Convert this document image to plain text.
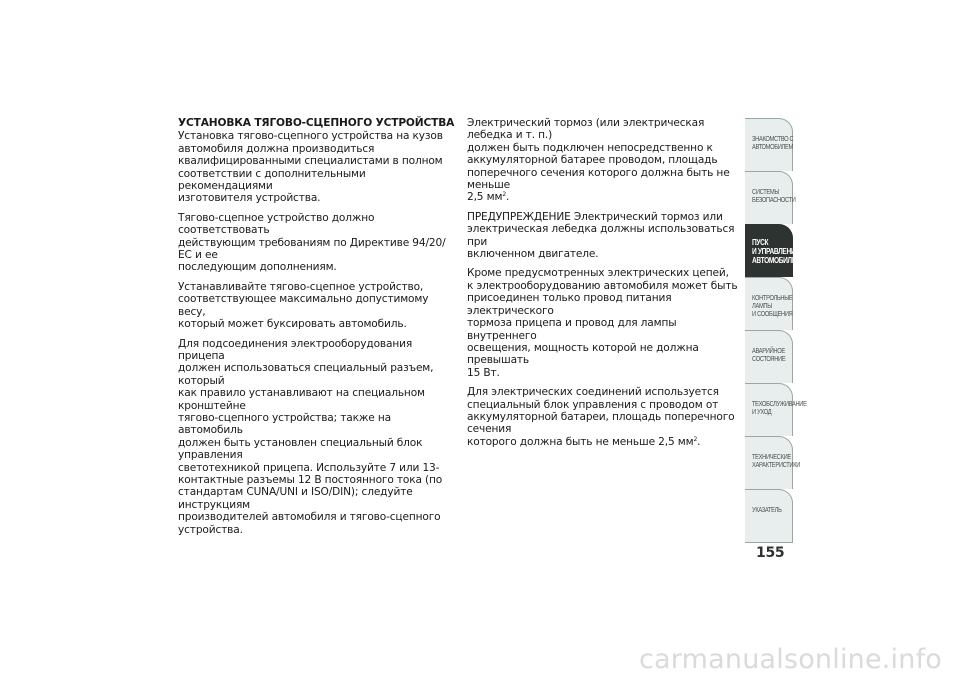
УСТАНОВКА ТЯГОВО-СЦЕПНОГО УСТРОЙСТВА

Установка тягово-сцепного устройства на кузов
автомобиля должна производиться
квалифицированными специалистами в полном
соответствии с дополнительными рекомендациями
изготовителя устройства.

Тягово-сцепное устройство должно соответствовать
действующим требованиям по Директиве 94/20/ЕС и ее
последующим дополнениям.

Устанавливайте тягово-сцепное устройство,
соответствующее максимально допустимому весу,
который может буксировать автомобиль.

Для подсоединения электрооборудования прицепа
должен использоваться специальный разъем, который
как правило устанавливают на специальном кронштейне
тягово-сцепного устройства; также на автомобиль
должен быть установлен специальный блок управления
светотехникой прицепа. Используйте 7 или 13-
контактные разъемы 12 В постоянного тока (по
стандартам CUNA/UNI и ISO/DIN); следуйте инструкциям
производителей автомобиля и тягово-сцепного
устройства.

Электрический тормоз (или электрическая лебедка и т. п.)
должен быть подключен непосредственно к
аккумуляторной батарее проводом, площадь
поперечного сечения которого должна быть не меньше
2,5 $мм^2$.

ПРЕДУПРЕЖДЕНИЕ Электрический тормоз или
электрическая лебедка должны использоваться при
включенном двигателе.

Кроме предусмотренных электрических цепей,
к электрооборудованию автомобиля может быть
присоединен только провод питания электрического
тормоза прицепа и провод для лампы внутреннего
освещения, мощность которой не должна превышать
15 Вт.

Для электрических соединений используется
специальный блок управления с проводом от
аккумуляторной батареи, площадь поперечного сечения
которого должна быть не меньше 2,5 $мм^2$.

ЗНАКОМСТВО С
АВТОМОБИЛЕМ
СИСТЕМЫ
БЕЗОПАСНОСТИ
ПУСК
И УПРАВЛЕНИЕ
АВТОМОБИЛЕМ
КОНТРОЛЬНЫЕ
ЛАМПЫ
И СООБЩЕНИЯ
АВАРИЙНОЕ
СОСТОЯНИЕ
ТЕХОБСЛУЖИВАНИЕ
И УХОД
ТЕХНИЧЕСКИЕ
ХАРАКТЕРИСТИКИ
УКАЗАТЕЛЬ
155
carmanualsonline.info
